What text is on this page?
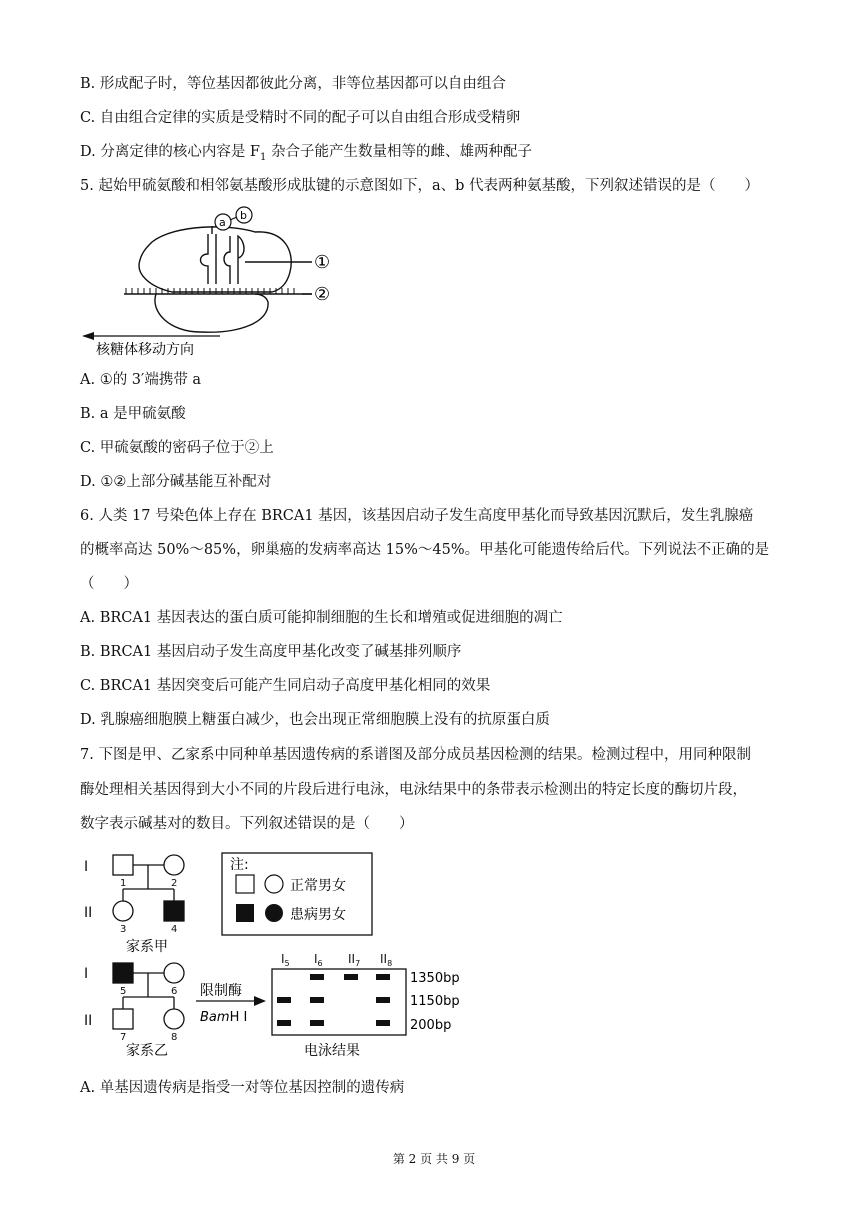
B. 形成配子时，等位基因都彼此分离，非等位基因都可以自由组合
C. 自由组合定律的实质是受精时不同的配子可以自由组合形成受精卵
D. 分离定律的核心内容是 $F_1$ 杂合子能产生数量相等的雌、雄两种配子
5. 起始甲硫氨酸和相邻氨基酸形成肽键的示意图如下，a、b 代表两种氨基酸，下列叙述错误的是（　　）
a
b
①
②
核糖体移动方向
A. ①的 3′端携带 a
B. a 是甲硫氨酸
C. 甲硫氨酸的密码子位于②上
D. ①②上部分碱基能互补配对
6. 人类 17 号染色体上存在 BRCA1 基因，该基因启动子发生高度甲基化而导致基因沉默后，发生乳腺癌
的概率高达 50%～85%，卵巢癌的发病率高达 15%～45%。甲基化可能遗传给后代。下列说法不正确的是
（　　）
A. BRCA1 基因表达的蛋白质可能抑制细胞的生长和增殖或促进细胞的凋亡
B. BRCA1 基因启动子发生高度甲基化改变了碱基排列顺序
C. BRCA1 基因突变后可能产生同启动子高度甲基化相同的效果
D. 乳腺癌细胞膜上糖蛋白减少，也会出现正常细胞膜上没有的抗原蛋白质
7. 下图是甲、乙家系中同种单基因遗传病的系谱图及部分成员基因检测的结果。检测过程中，用同种限制
酶处理相关基因得到大小不同的片段后进行电泳，电泳结果中的条带表示检测出的特定长度的酶切片段，
数字表示碱基对的数目。下列叙述错误的是（　　）
I
II
1	2
3	4
家系甲
注:
正常男女
患病男女
I
II
5	6
7	8
家系乙
限制酶
BamH I
$I_5$ $I_6$ $II_7$ $II_8$
1350bp
1150bp
200bp
电泳结果
A. 单基因遗传病是指受一对等位基因控制的遗传病
第 2 页 共 9 页
